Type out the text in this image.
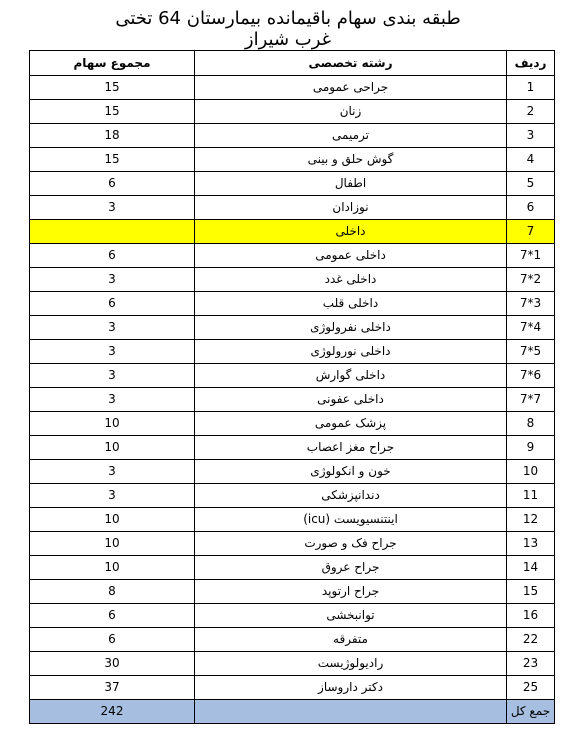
طبقه بندی سهام باقیمانده بیمارستان 64 تختی
غرب شیراز
مجموع سهام	رشته تخصصی	ردیف
15	جراحی عمومی	1
15	زنان	2
18	ترمیمی	3
15	گوش حلق و بینی	4
6	اطفال	5
3	نوزادان	6
	داخلی	7
6	داخلی عمومی	7*1
3	داخلی غدد	7*2
6	داخلی قلب	7*3
3	داخلی نفرولوژی	7*4
3	داخلی نورولوژی	7*5
3	داخلی گوارش	7*6
3	داخلی عفونی	7*7
10	پزشک عمومی	8
10	جراح مغز اعصاب	9
3	خون و انکولوژی	10
3	دندانپزشکی	11
10	اینتنسیویست (icu)	12
10	جراح فک و صورت	13
10	جراح عروق	14
8	جراح ارتوپد	15
6	توانبخشی	16
6	متفرقه	22
30	رادیولوژیست	23
37	دکتر داروساز	25
242		جمع کل
